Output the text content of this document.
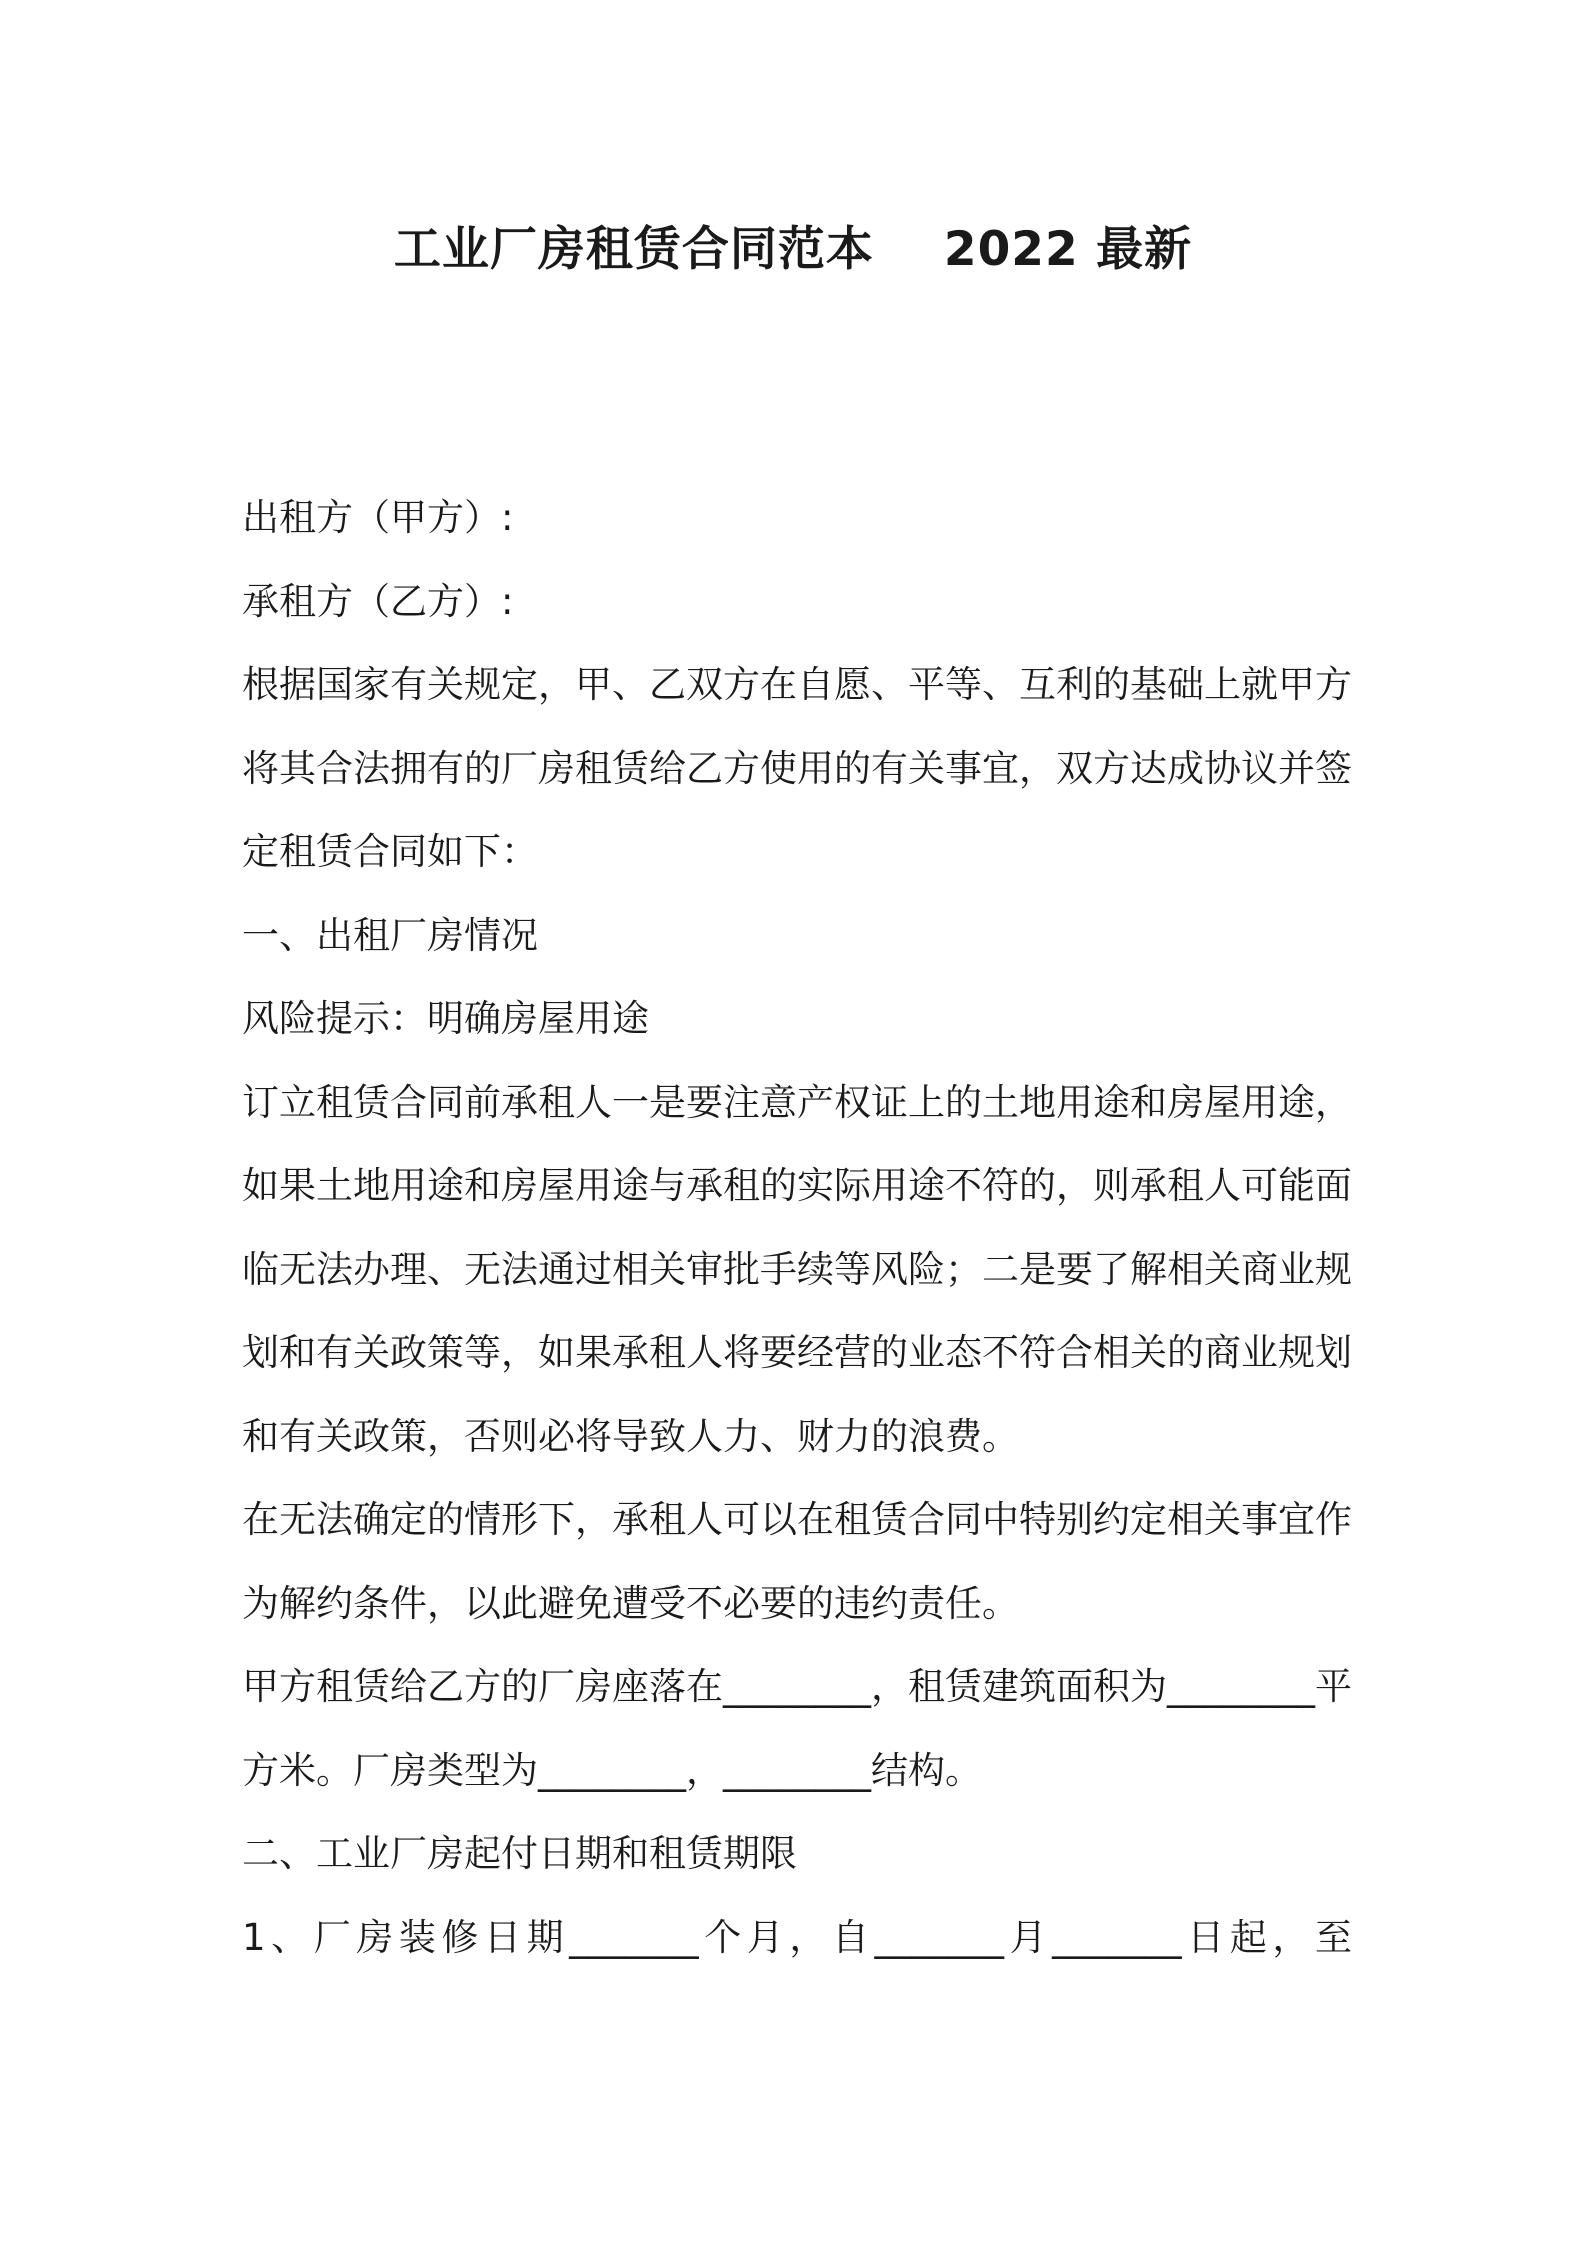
工业厂房租赁合同范本 2022 最新
出租方（甲方）:
承租方（乙方）:
根据国家有关规定，甲、乙双方在自愿、平等、互利的基础上就甲方
将其合法拥有的厂房租赁给乙方使用的有关事宜，双方达成协议并签
定租赁合同如下：
一、出租厂房情况
风险提示：明确房屋用途
订立租赁合同前承租人一是要注意产权证上的土地用途和房屋用途，
如果土地用途和房屋用途与承租的实际用途不符的，则承租人可能面
临无法办理、无法通过相关审批手续等风险；二是要了解相关商业规
划和有关政策等，如果承租人将要经营的业态不符合相关的商业规划
和有关政策，否则必将导致人力、财力的浪费。
在无法确定的情形下，承租人可以在租赁合同中特别约定相关事宜作
为解约条件，以此避免遭受不必要的违约责任。
甲方租赁给乙方的厂房座落在________，租赁建筑面积为________平
方米。厂房类型为________，________结构。
二、工业厂房起付日期和租赁期限
1、厂房装修日期_______个月，自_______月_______日起，至
